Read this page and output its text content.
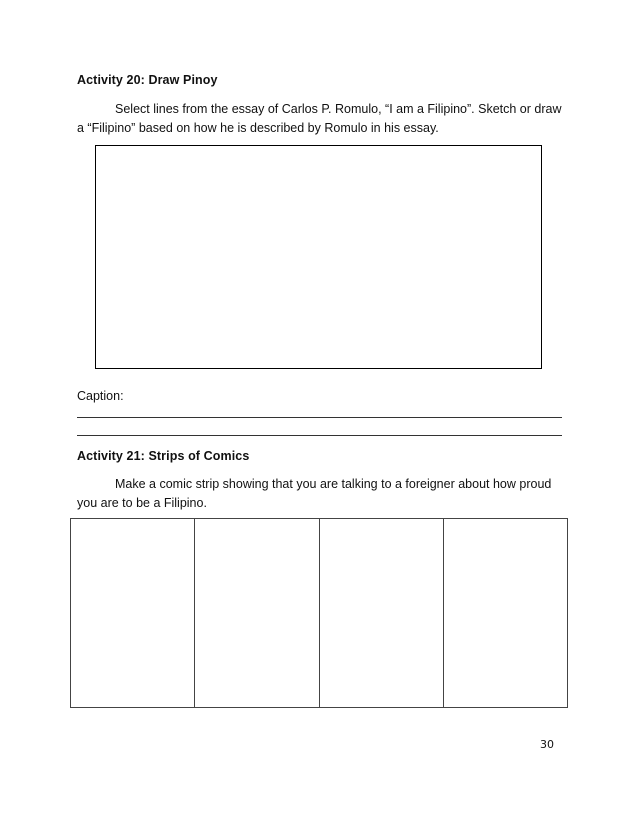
Activity 20: Draw Pinoy
Select lines from the essay of Carlos P. Romulo, “I am a Filipino”. Sketch or draw
a “Filipino” based on how he is described by Romulo in his essay.
Caption:
Activity 21: Strips of Comics
Make a comic strip showing that you are talking to a foreigner about how proud
you are to be a Filipino.
30
